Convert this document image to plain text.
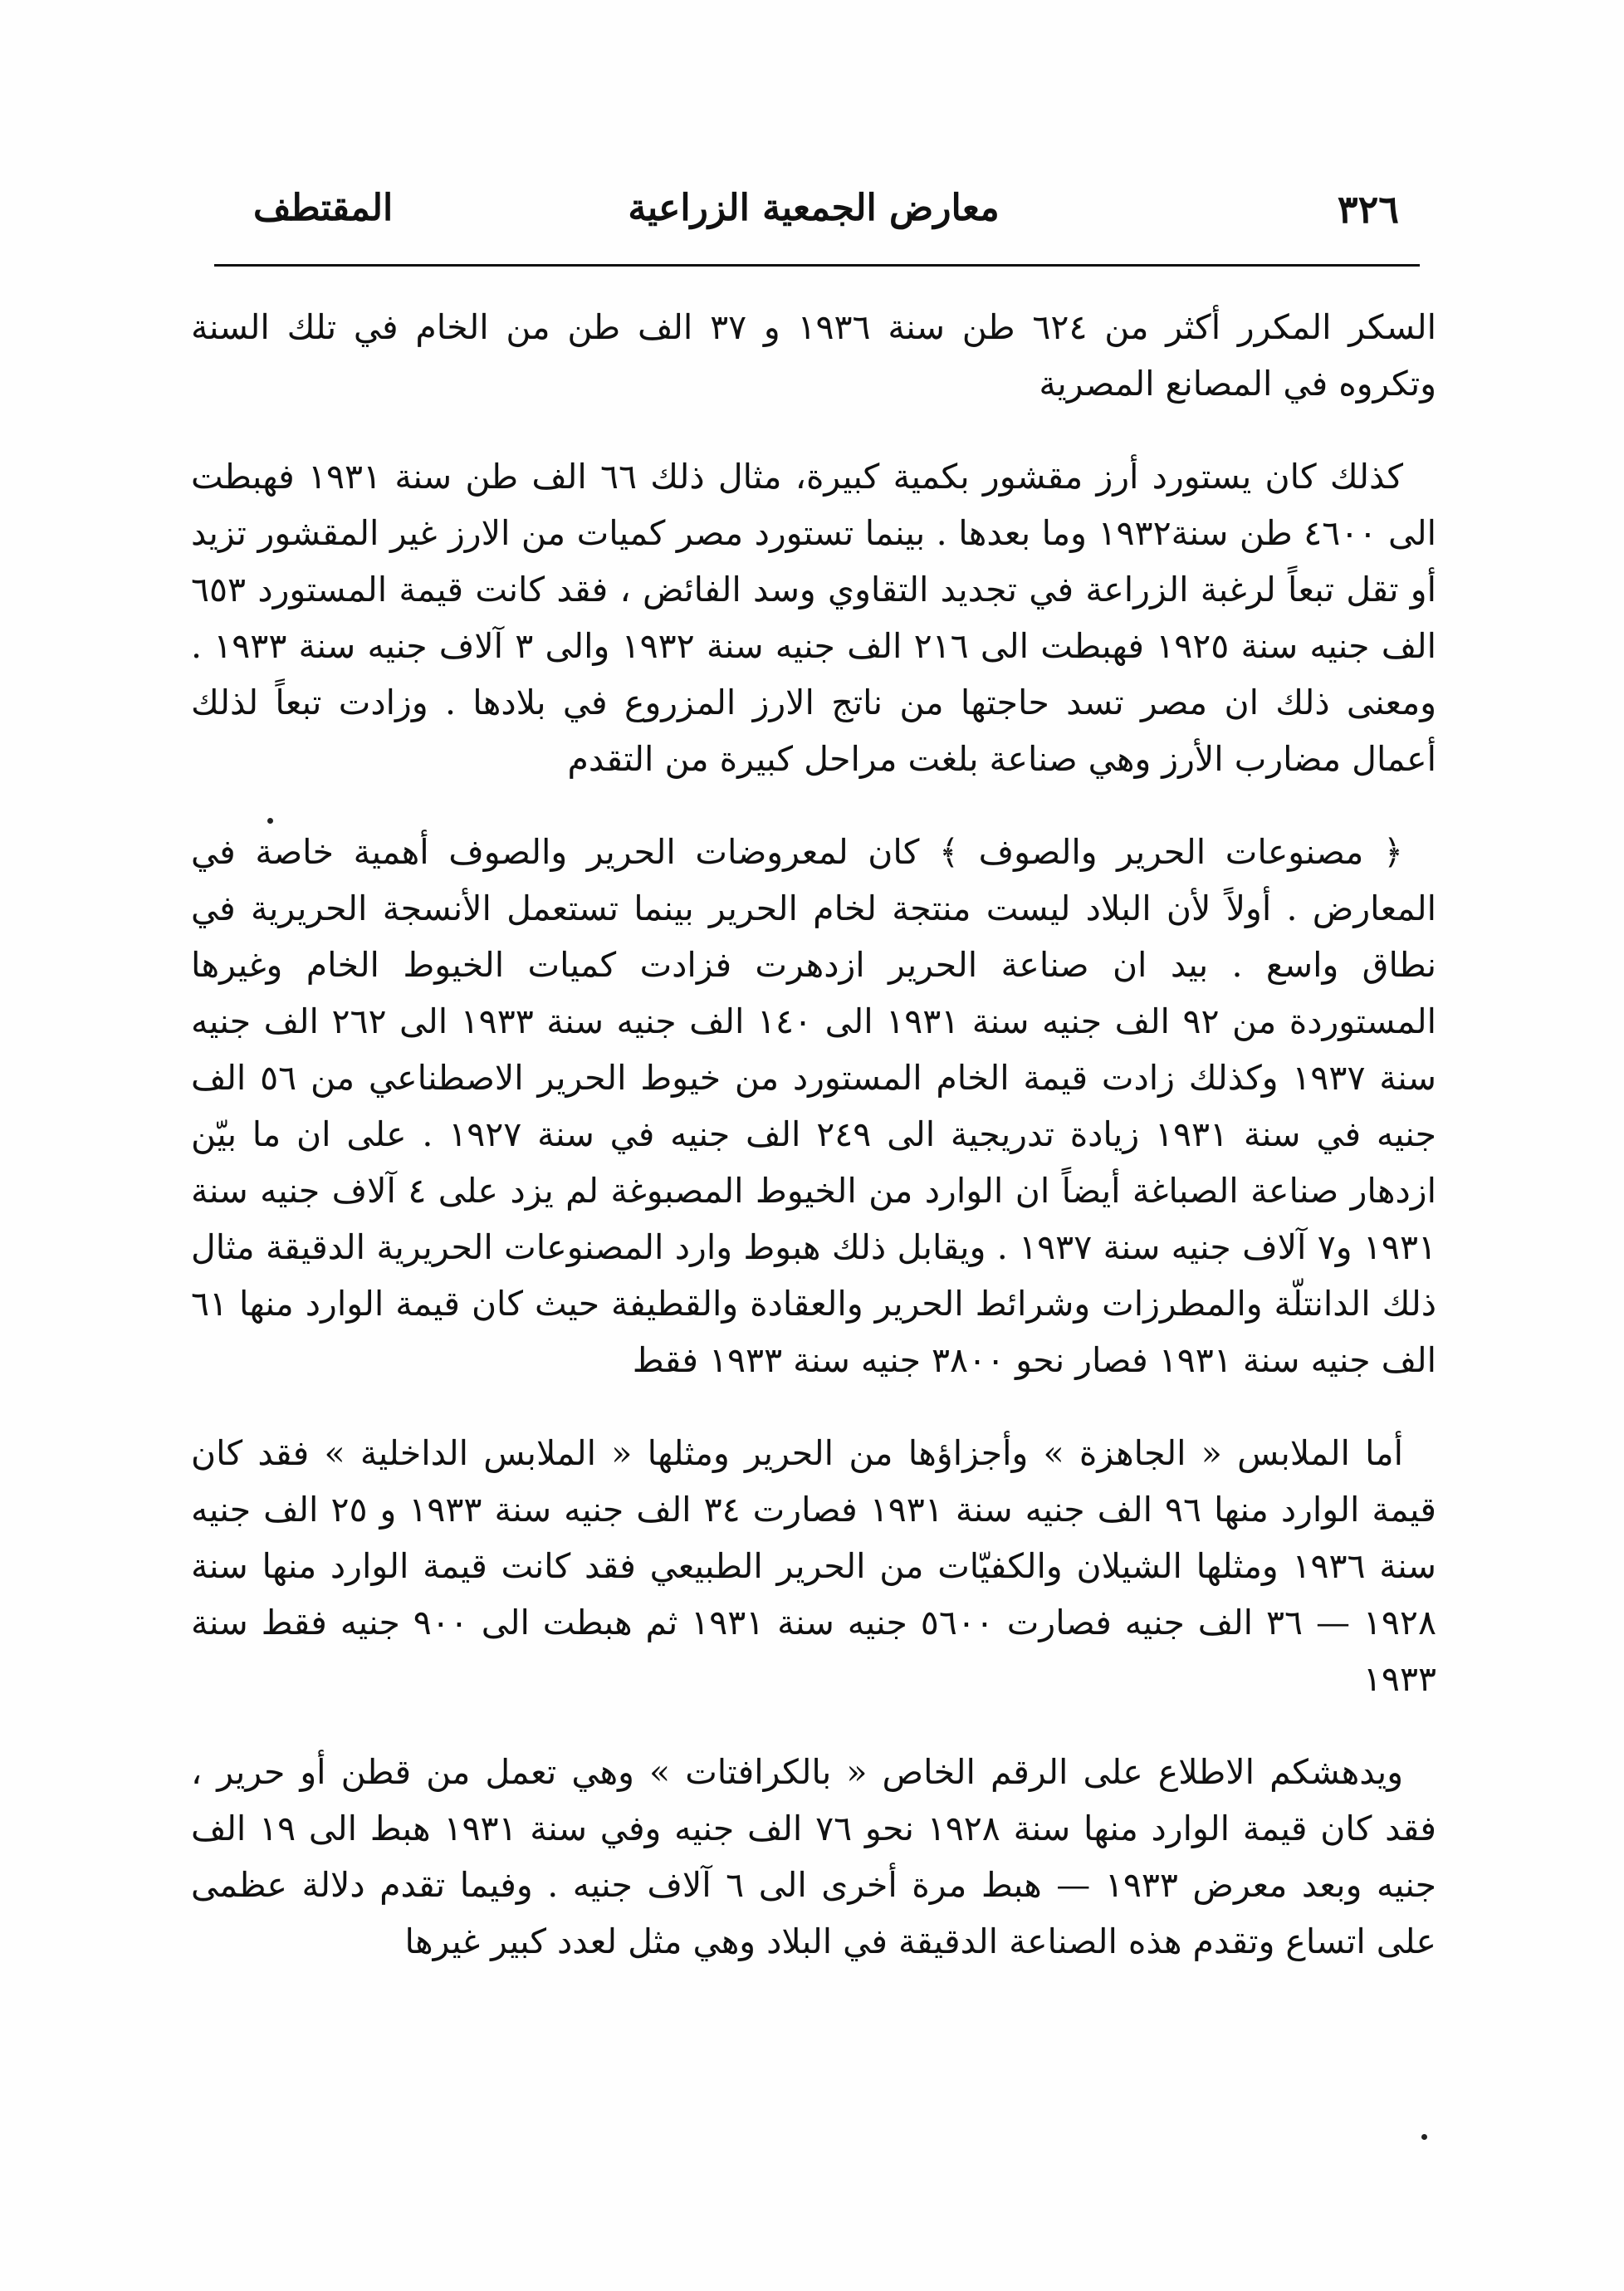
٣٢٦
معارض الجمعية الزراعية
المقتطف

السكر المكرر أكثر من ٦٢٤ طن سنة ١٩٣٦ و ٣٧ الف طن من الخام في تلك السنة وتكروه في المصانع المصرية

كذلك كان يستورد أرز مقشور بكمية كبيرة، مثال ذلك ٦٦ الف طن سنة ١٩٣١ فهبطت الى ٤٦٠٠ طن سنة١٩٣٢ وما بعدها . بينما تستورد مصر كميات من الارز غير المقشور تزيد أو تقل تبعاً لرغبة الزراعة في تجديد التقاوي وسد الفائض ، فقد كانت قيمة المستورد ٦٥٣ الف جنيه سنة ١٩٢٥ فهبطت الى ٢١٦ الف جنيه سنة ١٩٣٢ والى ٣ آلاف جنيه سنة ١٩٣٣ . ومعنى ذلك ان مصر تسد حاجتها من ناتج الارز المزروع في بلادها . وزادت تبعاً لذلك أعمال مضارب الأرز وهي صناعة بلغت مراحل كبيرة من التقدم

﴿ مصنوعات الحرير والصوف ﴾ كان لمعروضات الحرير والصوف أهمية خاصة في المعارض . أولاً لأن البلاد ليست منتجة لخام الحرير بينما تستعمل الأنسجة الحريرية في نطاق واسع . بيد ان صناعة الحرير ازدهرت فزادت كميات الخيوط الخام وغيرها المستوردة من ٩٢ الف جنيه سنة ١٩٣١ الى ١٤٠ الف جنيه سنة ١٩٣٣ الى ٢٦٢ الف جنيه سنة ١٩٣٧ وكذلك زادت قيمة الخام المستورد من خيوط الحرير الاصطناعي من ٥٦ الف جنيه في سنة ١٩٣١ زيادة تدريجية الى ٢٤٩ الف جنيه في سنة ١٩٢٧ . على ان ما بيّن ازدهار صناعة الصباغة أيضاً ان الوارد من الخيوط المصبوغة لم يزد على ٤ آلاف جنيه سنة ١٩٣١ و٧ آلاف جنيه سنة ١٩٣٧ . ويقابل ذلك هبوط وارد المصنوعات الحريرية الدقيقة مثال ذلك الدانتلّة والمطرزات وشرائط الحرير والعقادة والقطيفة حيث كان قيمة الوارد منها ٦١ الف جنيه سنة ١٩٣١ فصار نحو ٣٨٠٠ جنيه سنة ١٩٣٣ فقط

أما الملابس « الجاهزة » وأجزاؤها من الحرير ومثلها « الملابس الداخلية » فقد كان قيمة الوارد منها ٩٦ الف جنيه سنة ١٩٣١ فصارت ٣٤ الف جنيه سنة ١٩٣٣ و ٢٥ الف جنيه سنة ١٩٣٦ ومثلها الشيلان والكفيّات من الحرير الطبيعي فقد كانت قيمة الوارد منها سنة ١٩٢٨ — ٣٦ الف جنيه فصارت ٥٦٠٠ جنيه سنة ١٩٣١ ثم هبطت الى ٩٠٠ جنيه فقط سنة ١٩٣٣

ويدهشكم الاطلاع على الرقم الخاص « بالكرافتات » وهي تعمل من قطن أو حرير ، فقد كان قيمة الوارد منها سنة ١٩٢٨ نحو ٧٦ الف جنيه وفي سنة ١٩٣١ هبط الى ١٩ الف جنيه وبعد معرض ١٩٣٣ — هبط مرة أخرى الى ٦ آلاف جنيه . وفيما تقدم دلالة عظمى على اتساع وتقدم هذه الصناعة الدقيقة في البلاد وهي مثل لعدد كبير غيرها
